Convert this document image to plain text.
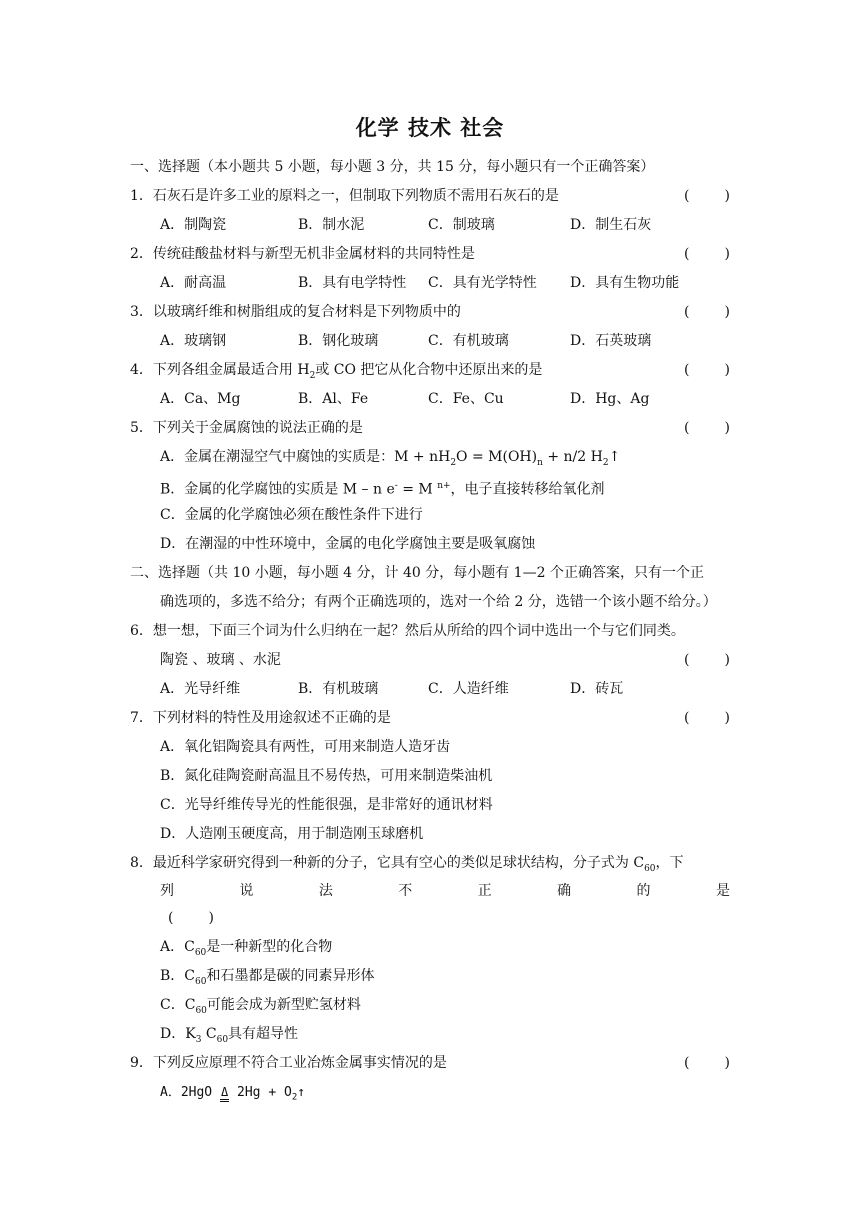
化学 技术 社会
一、选择题（本小题共 5 小题，每小题 3 分，共 15 分，每小题只有一个正确答案）
1．石灰石是许多工业的原料之一，但制取下列物质不需用石灰石的是	(	)
A．制陶瓷	B．制水泥	C．制玻璃	D．制生石灰
2．传统硅酸盐材料与新型无机非金属材料的共同特性是	(	)
A．耐高温	B．具有电学特性 C．具有光学特性 D．具有生物功能
3．以玻璃纤维和树脂组成的复合材料是下列物质中的	(	)
A．玻璃钢	B．钢化玻璃	C．有机玻璃	D．石英玻璃
4．下列各组金属最适合用 $H_2$或 CO 把它从化合物中还原出来的是	(	)
A．Ca、Mg	B．Al、Fe	C．Fe、Cu	D．Hg、Ag
5．下列关于金属腐蚀的说法正确的是	(	)
A．金属在潮湿空气中腐蚀的实质是：$M + nH_2O = M(OH)_n + n/2$ $H_2↑$
B．金属的化学腐蚀的实质是 M – n e- = M $^{n+}$，电子直接转移给氧化剂
C．金属的化学腐蚀必须在酸性条件下进行
D．在潮湿的中性环境中，金属的电化学腐蚀主要是吸氧腐蚀
二、选择题（共 10 小题，每小题 4 分，计 40 分，每小题有 1—2 个正确答案，只有一个正
确选项的，多选不给分；有两个正确选项的，选对一个给 2 分，选错一个该小题不给分。）
6．想一想，下面三个词为什么归纳在一起？然后从所给的四个词中选出一个与它们同类。
陶瓷 、玻璃 、水泥	(	)
A．光导纤维	B．有机玻璃	C．人造纤维	D．砖瓦
7．下列材料的特性及用途叙述不正确的是	(	)
A．氧化铝陶瓷具有两性，可用来制造人造牙齿
B．氮化硅陶瓷耐高温且不易传热，可用来制造柴油机
C．光导纤维传导光的性能很强，是非常好的通讯材料
D．人造刚玉硬度高，用于制造刚玉球磨机
8．最近科学家研究得到一种新的分子，它具有空心的类似足球状结构，分子式为 $C_{60}$，下
列	说	法	不	正	确	的	是
(	)
A．$C_{60}$是一种新型的化合物
B．$C_{60}$和石墨都是碳的同素异形体
C．$C_{60}$可能会成为新型贮氢材料
D．$K_3$ $C_{60}$具有超导性
9．下列反应原理不符合工业冶炼金属事实情况的是	(	)
A．2HgO Δ $2Hg + O_2↑$
